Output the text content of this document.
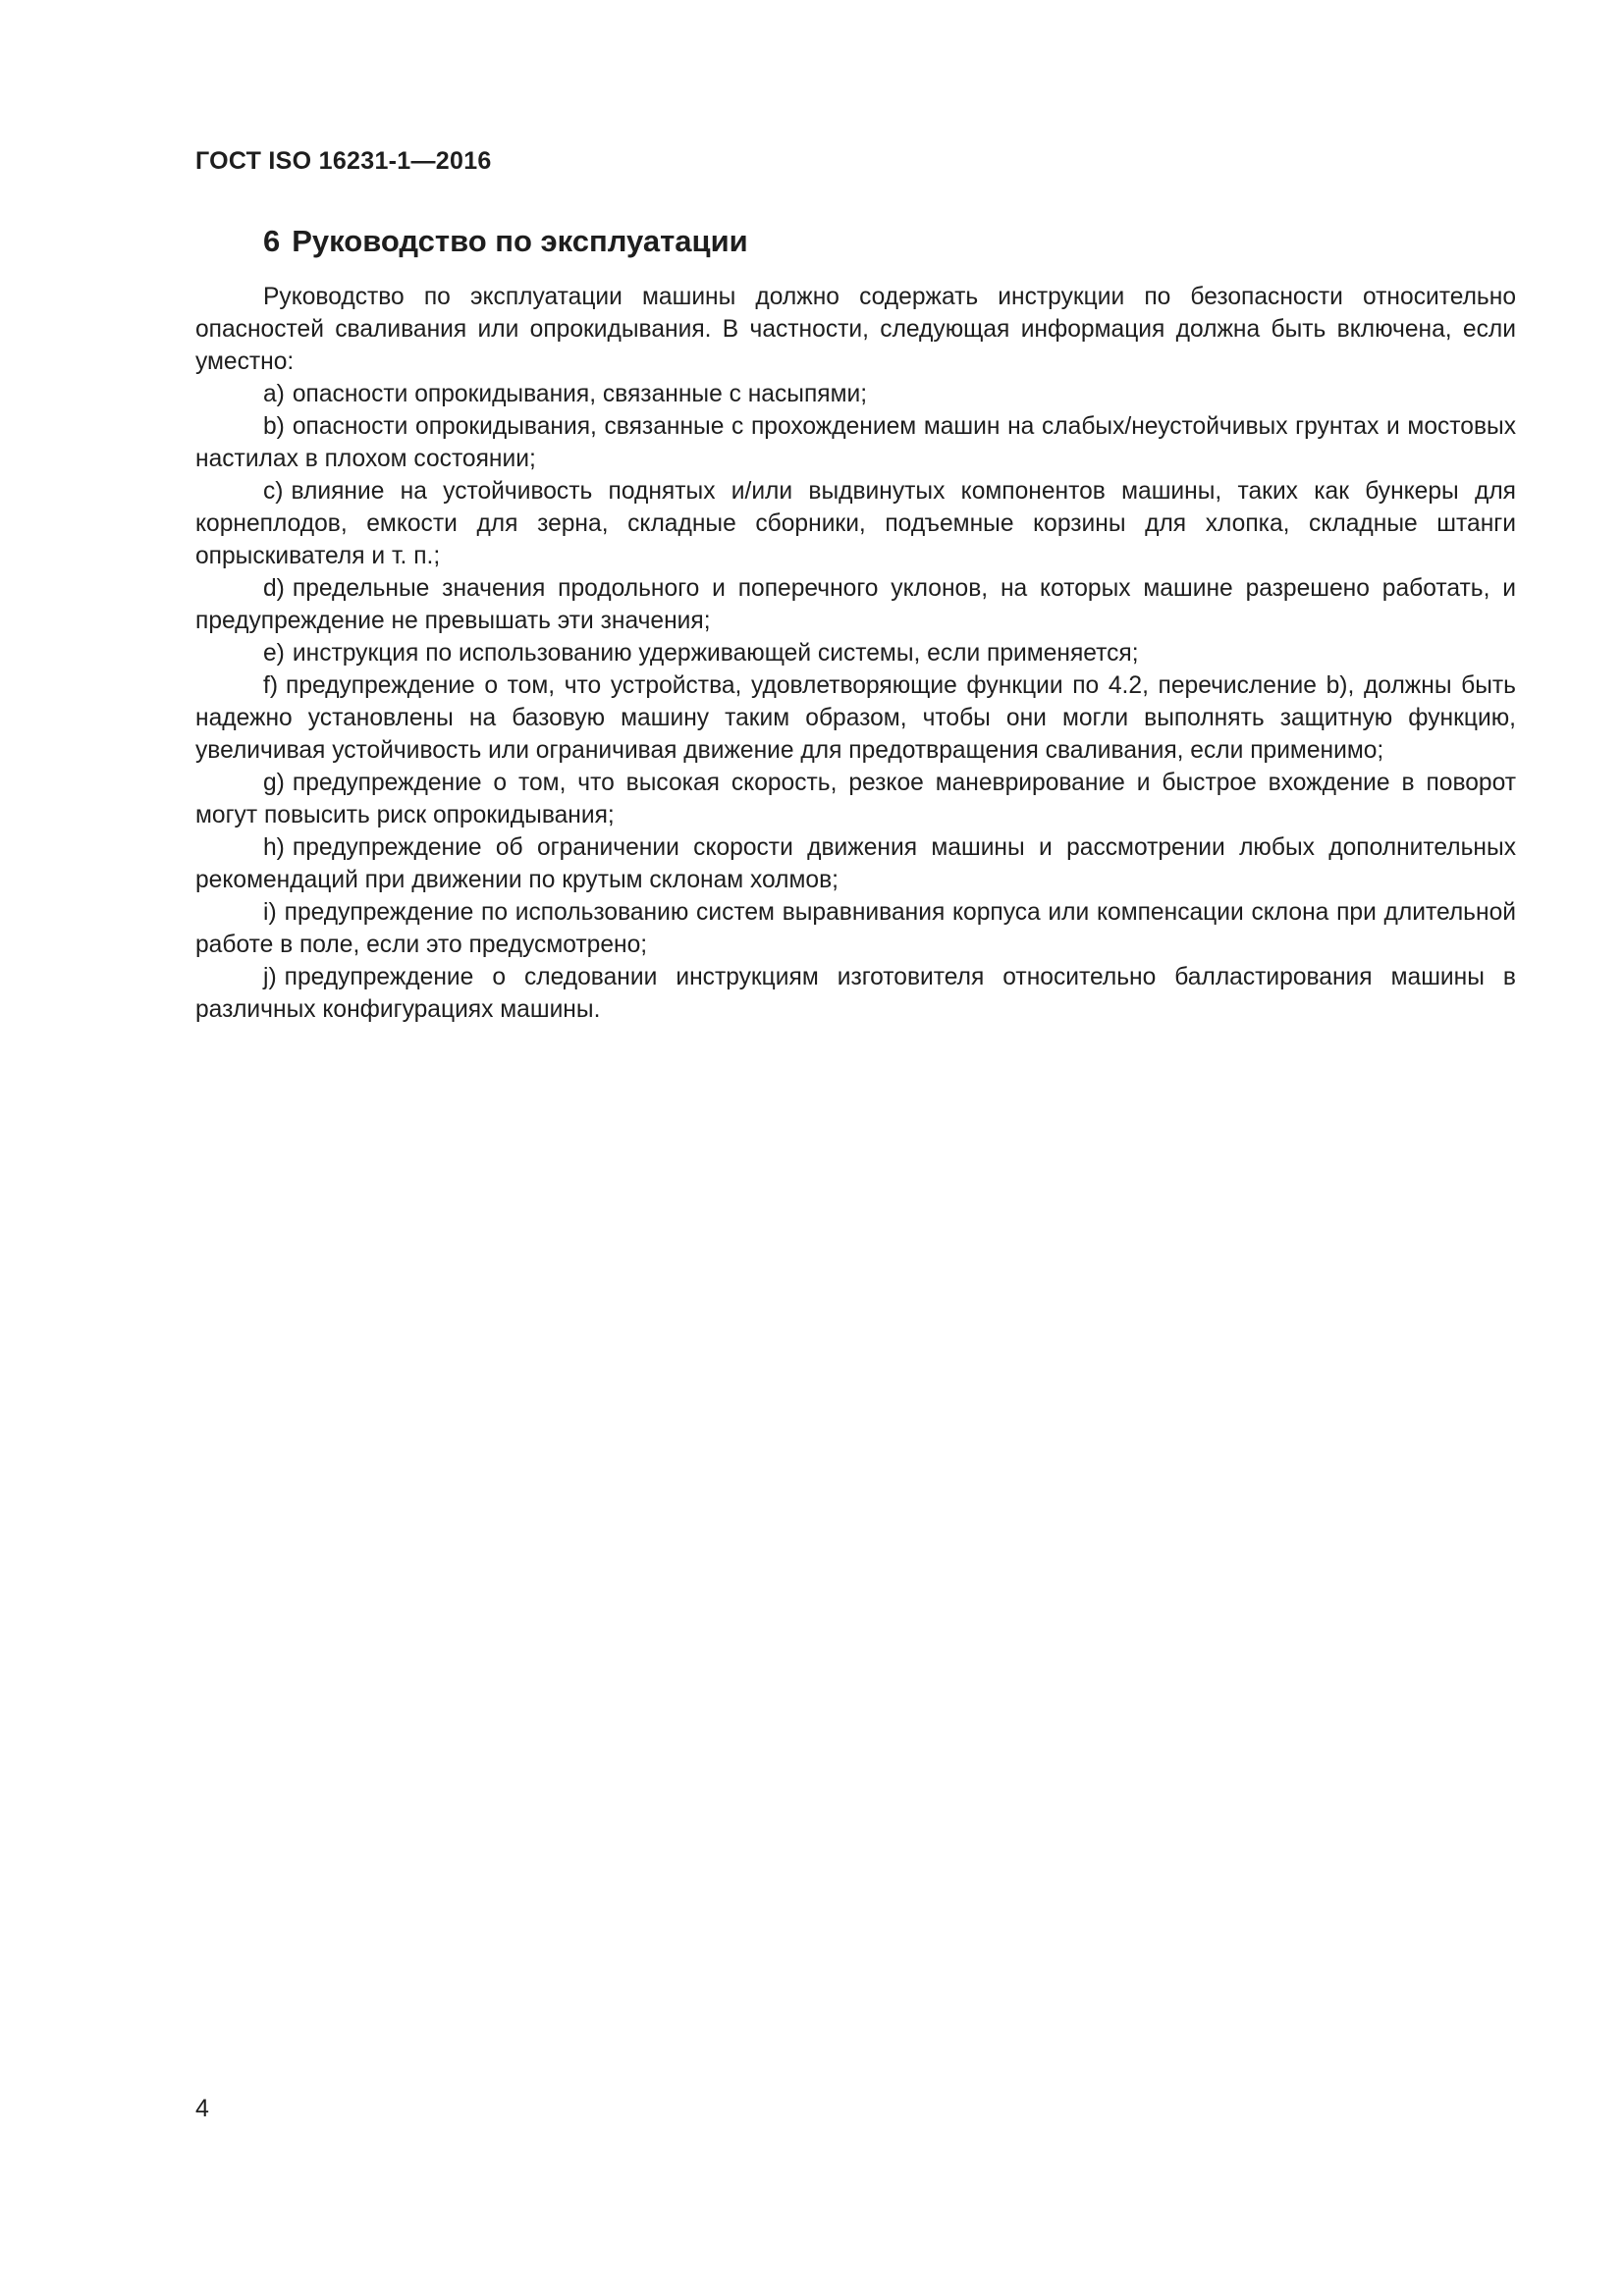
ГОСТ ISO 16231-1—2016
6 Руководство по эксплуатации

Руководство по эксплуатации машины должно содержать инструкции по безопасности относительно опасностей сваливания или опрокидывания. В частности, следующая информация должна быть включена, если уместно:

a) опасности опрокидывания, связанные с насыпями;
b) опасности опрокидывания, связанные с прохождением машин на слабых/неустойчивых грунтах и мостовых настилах в плохом состоянии;
c) влияние на устойчивость поднятых и/или выдвинутых компонентов машины, таких как бункеры для корнеплодов, емкости для зерна, складные сборники, подъемные корзины для хлопка, складные штанги опрыскивателя и т. п.;
d) предельные значения продольного и поперечного уклонов, на которых машине разрешено работать, и предупреждение не превышать эти значения;
e) инструкция по использованию удерживающей системы, если применяется;
f) предупреждение о том, что устройства, удовлетворяющие функции по 4.2, перечисление b), должны быть надежно установлены на базовую машину таким образом, чтобы они могли выполнять защитную функцию, увеличивая устойчивость или ограничивая движение для предотвращения сваливания, если применимо;
g) предупреждение о том, что высокая скорость, резкое маневрирование и быстрое вхождение в поворот могут повысить риск опрокидывания;
h) предупреждение об ограничении скорости движения машины и рассмотрении любых дополнительных рекомендаций при движении по крутым склонам холмов;
i) предупреждение по использованию систем выравнивания корпуса или компенсации склона при длительной работе в поле, если это предусмотрено;
j) предупреждение о следовании инструкциям изготовителя относительно балластирования машины в различных конфигурациях машины.
4
